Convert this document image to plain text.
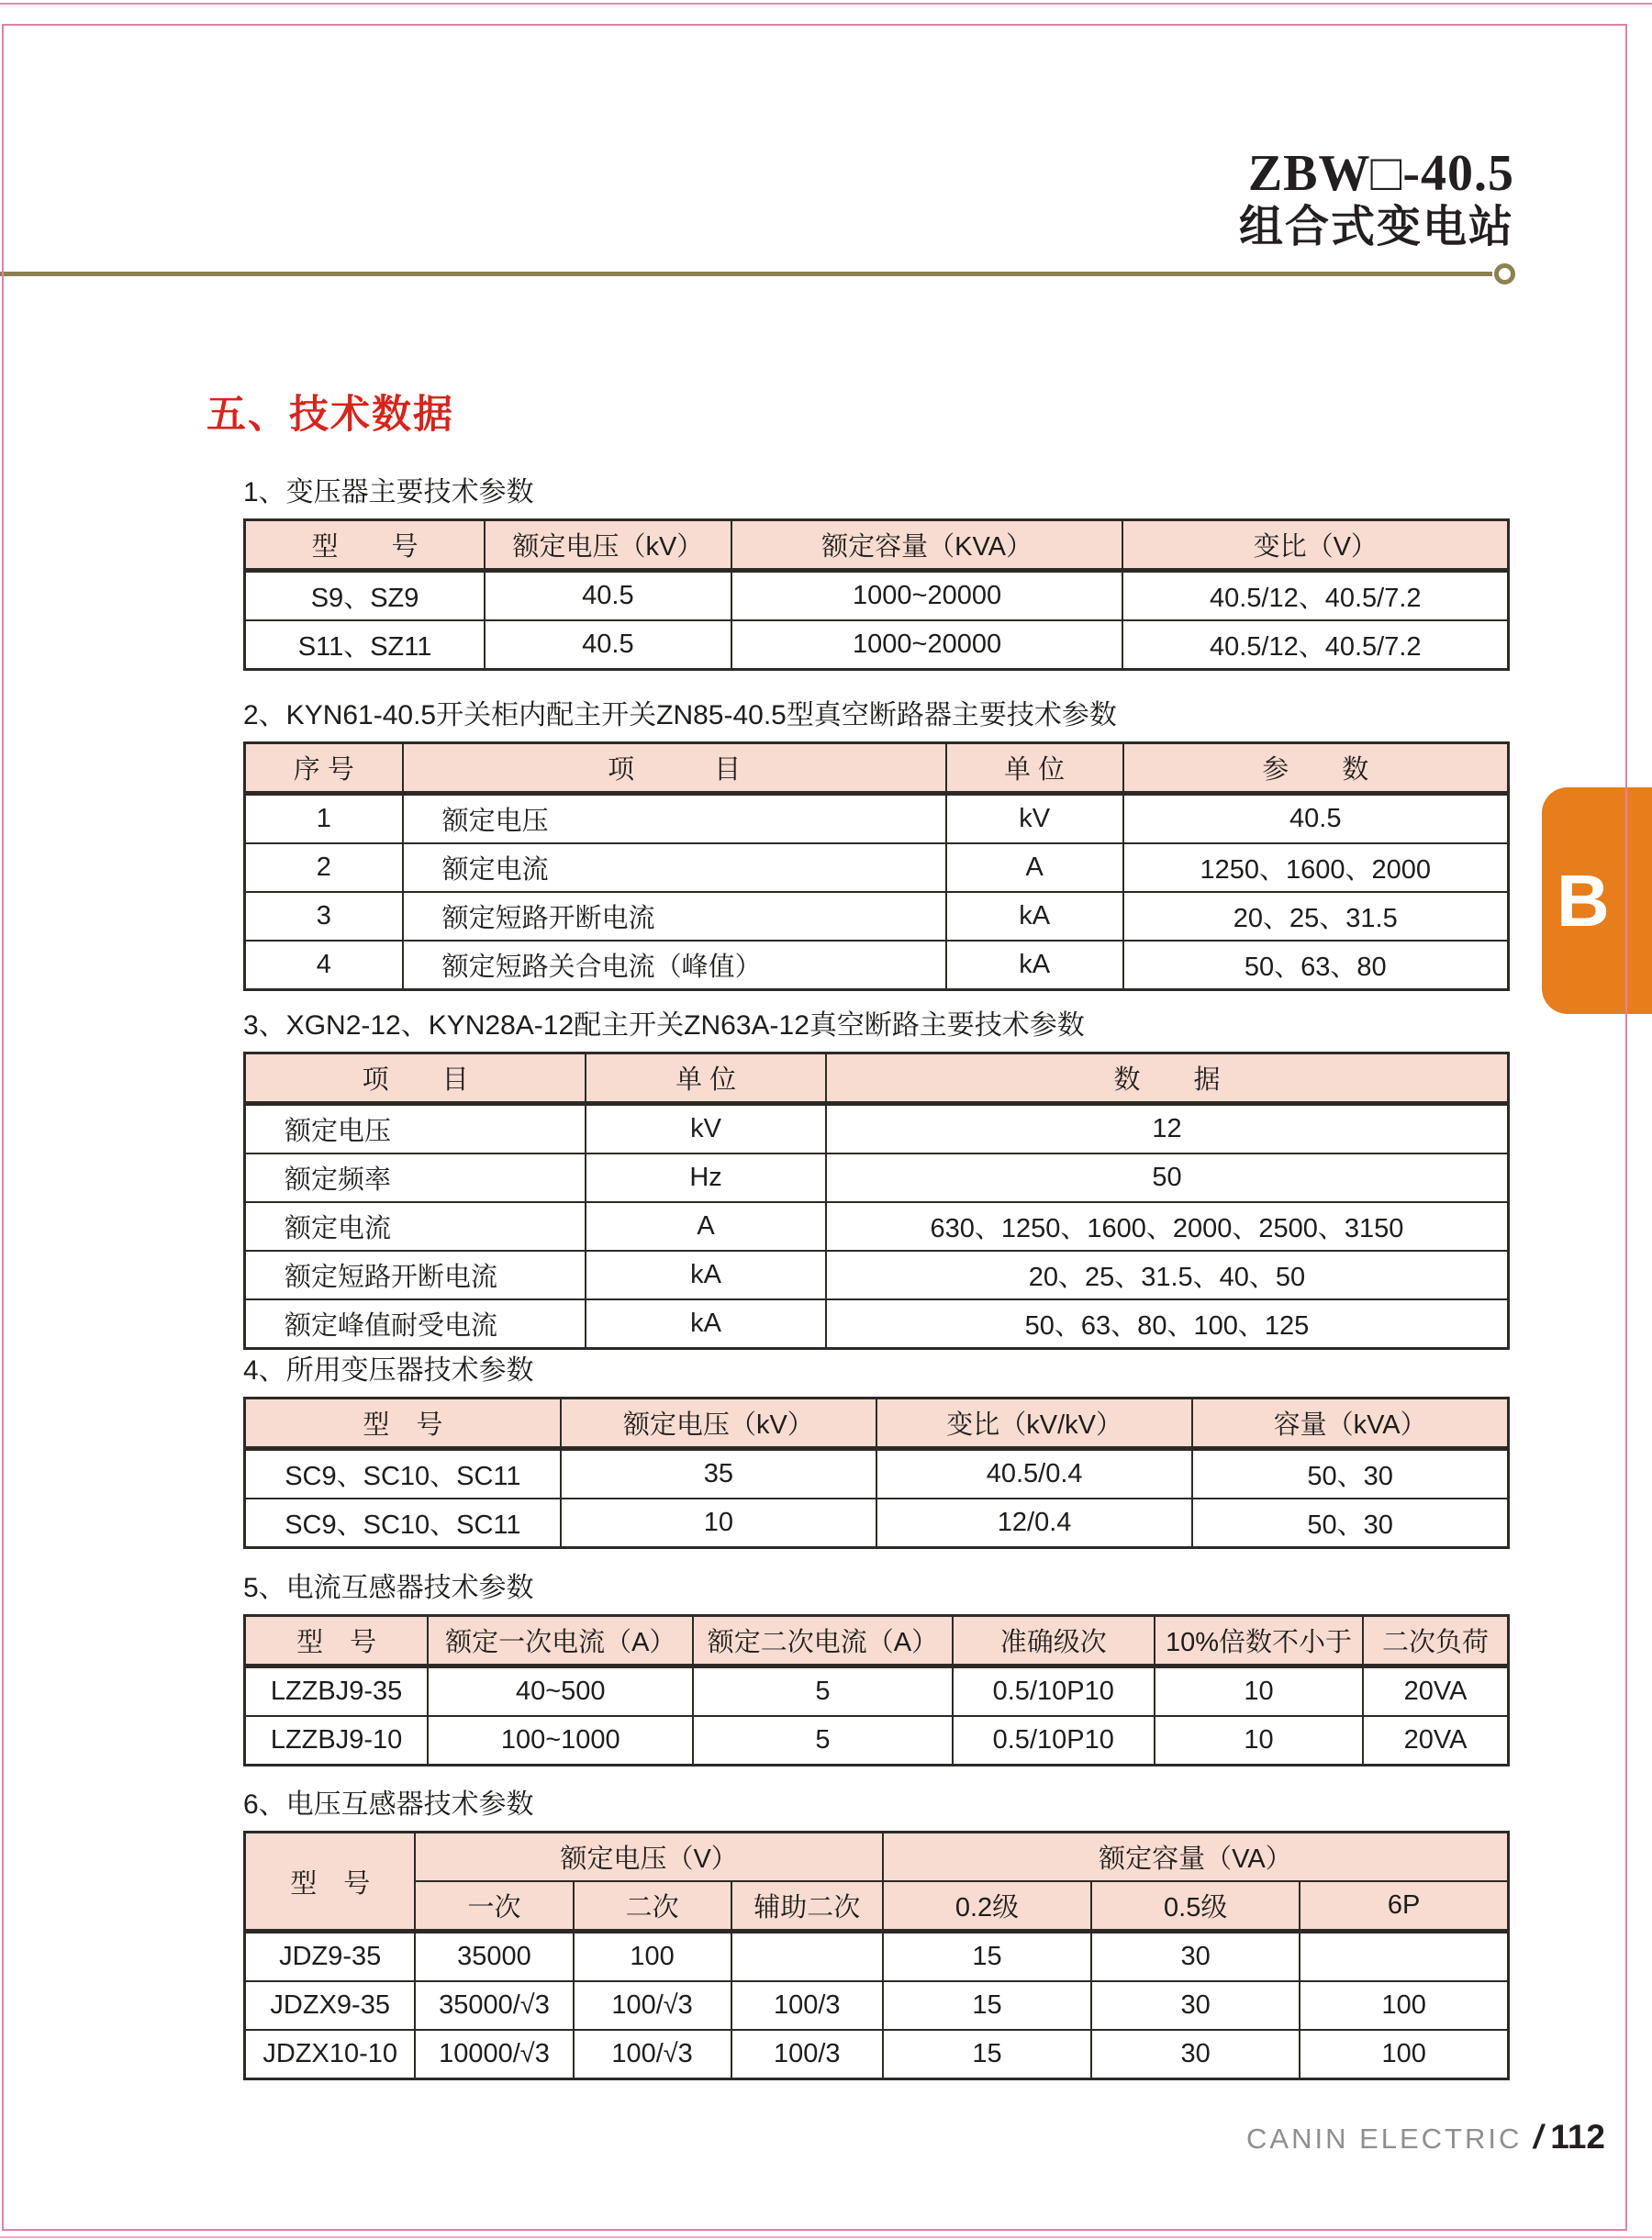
ZBW□-40.5
组合式变电站
B
五、技术数据
1、变压器主要技术参数
型　　号	额定电压（kV）	额定容量（KVA）	变比（V）
S9、SZ9	40.5	1000~20000	40.5/12、40.5/7.2
S11、SZ11	40.5	1000~20000	40.5/12、40.5/7.2
2、KYN61-40.5开关柜内配主开关ZN85-40.5型真空断路器主要技术参数
序 号	项　　　目	单 位	参　　数
1	额定电压	kV	40.5
2	额定电流	A	1250、1600、2000
3	额定短路开断电流	kA	20、25、31.5
4	额定短路关合电流（峰值）	kA	50、63、80
3、XGN2-12、KYN28A-12配主开关ZN63A-12真空断路主要技术参数
项　　目	单 位	数　　据
额定电压	kV	12
额定频率	Hz	50
额定电流	A	630、1250、1600、2000、2500、3150
额定短路开断电流	kA	20、25、31.5、40、50
额定峰值耐受电流	kA	50、63、80、100、125
4、所用变压器技术参数
型　号	额定电压（kV）	变比（kV/kV）	容量（kVA）
SC9、SC10、SC11	35	40.5/0.4	50、30
SC9、SC10、SC11	10	12/0.4	50、30
5、电流互感器技术参数
型　号	额定一次电流（A）	额定二次电流（A）	准确级次	10%倍数不小于	二次负荷
LZZBJ9-35	40~500	5	0.5/10P10	10	20VA
LZZBJ9-10	100~1000	5	0.5/10P10	10	20VA
6、电压互感器技术参数
型　号	额定电压（V）			额定容量（VA）		
	一次	二次	辅助二次	0.2级	0.5级	6P
JDZ9-35	35000	100		15	30	
JDZX9-35	35000/√3	100/√3	100/3	15	30	100
JDZX10-10	10000/√3	100/√3	100/3	15	30	100
CANIN ELECTRIC / 112
